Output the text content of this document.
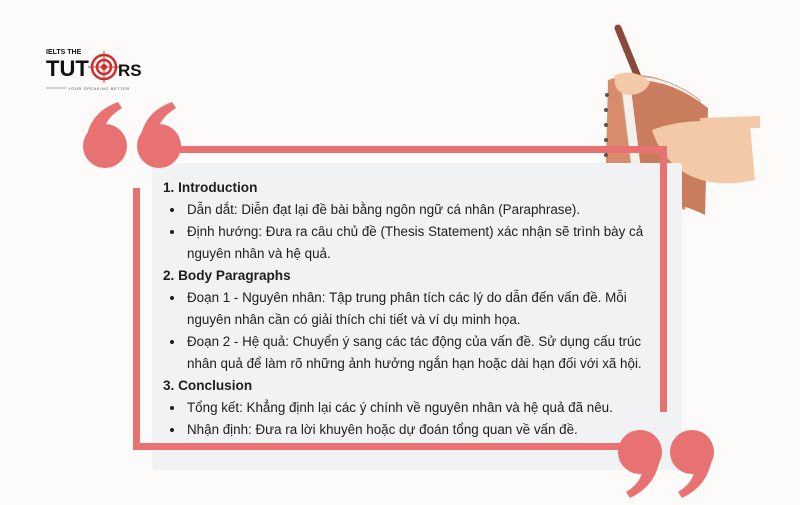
IELTS THE
TUT RS
YOUR SPEAKING BETTER
1. Introduction
• Dẫn dắt: Diễn đạt lại đề bài bằng ngôn ngữ cá nhân (Paraphrase).
• Định hướng: Đưa ra câu chủ đề (Thesis Statement) xác nhận sẽ trình bày cả nguyên nhân và hệ quả.
2. Body Paragraphs
• Đoạn 1 - Nguyên nhân: Tập trung phân tích các lý do dẫn đến vấn đề. Mỗi nguyên nhân cần có giải thích chi tiết và ví dụ minh họa.
• Đoạn 2 - Hệ quả: Chuyển ý sang các tác động của vấn đề. Sử dụng cấu trúc nhân quả để làm rõ những ảnh hưởng ngắn hạn hoặc dài hạn đối với xã hội.
3. Conclusion
• Tổng kết: Khẳng định lại các ý chính về nguyên nhân và hệ quả đã nêu.
• Nhận định: Đưa ra lời khuyên hoặc dự đoán tổng quan về vấn đề.
